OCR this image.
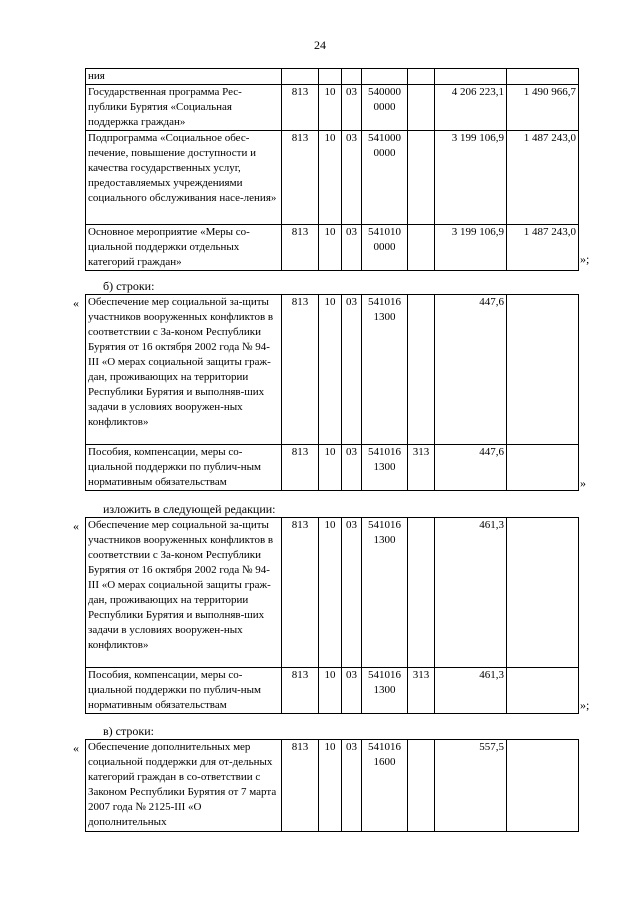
24
ния							
Государственная программа Рес-публики Бурятия «Социальная поддержка граждан»	813	10	03	540000 0000		4 206 223,1	1 490 966,7
Подпрограмма «Социальное обес-печение, повышение доступности и качества государственных услуг, предоставляемых учреждениями социального обслуживания насе-ления»	813	10	03	541000 0000		3 199 106,9	1 487 243,0
Основное мероприятие «Меры со-циальной поддержки отдельных категорий граждан»	813	10	03	541010 0000		3 199 106,9	1 487 243,0
»;
б) строки:
« Обеспечение мер социальной за-щиты участников вооруженных конфликтов в соответствии с За-коном Республики Бурятия от 16 октября 2002 года № 94-III «О мерах социальной защиты граж-дан, проживающих на территории Республики Бурятия и выполняв-ших задачи в условиях вооружен-ных конфликтов»	813	10	03	541016 1300		447,6	
Пособия, компенсации, меры со-циальной поддержки по публич-ным нормативным обязательствам	813	10	03	541016 1300	313	447,6	
»
изложить в следующей редакции:
« Обеспечение мер социальной за-щиты участников вооруженных конфликтов в соответствии с За-коном Республики Бурятия от 16 октября 2002 года № 94-III «О мерах социальной защиты граж-дан, проживающих на территории Республики Бурятия и выполняв-ших задачи в условиях вооружен-ных конфликтов»	813	10	03	541016 1300		461,3	
Пособия, компенсации, меры со-циальной поддержки по публич-ным нормативным обязательствам	813	10	03	541016 1300	313	461,3	
»;
в) строки:
« Обеспечение дополнительных мер социальной поддержки для от-дельных категорий граждан в со-ответствии с Законом Республики Бурятия от 7 марта 2007 года № 2125-III «О дополнительных	813	10	03	541016 1600		557,5	
